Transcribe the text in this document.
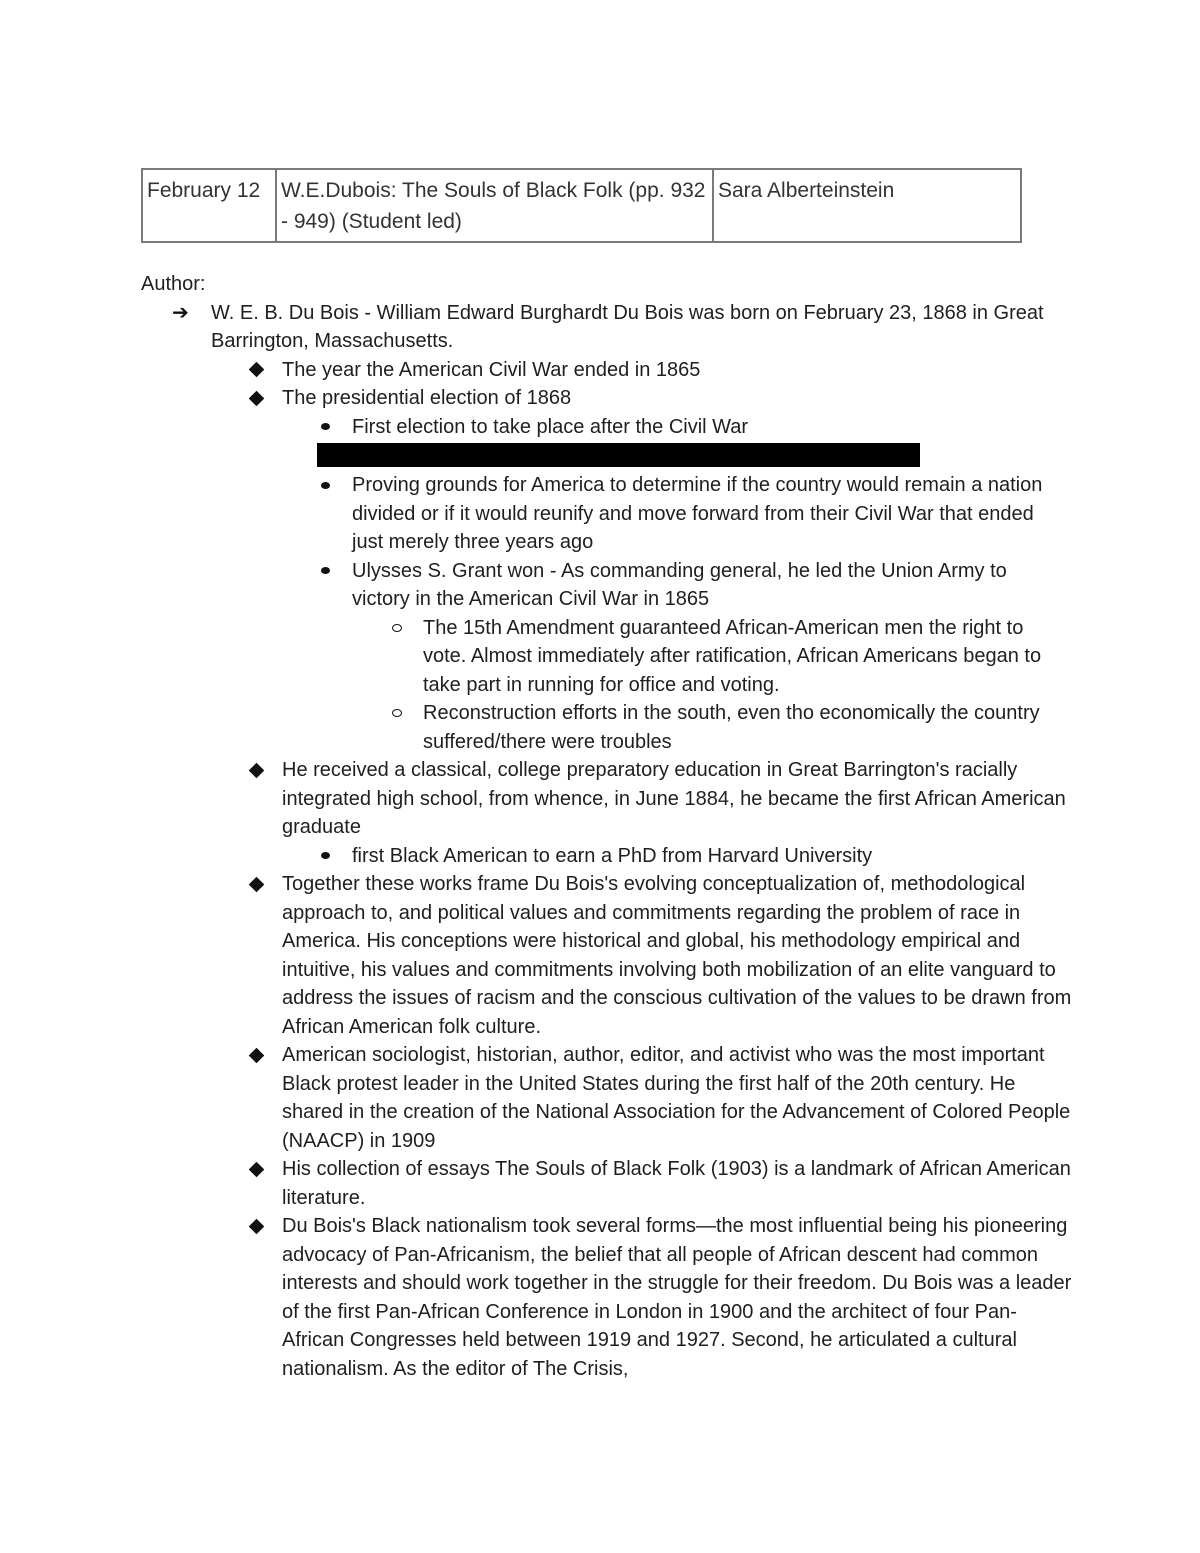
February 12	W.E.Dubois: The Souls of Black Folk (pp. 932 - 949) (Student led)	Sara Alberteinstein
Author:
➔ W. E. B. Du Bois - William Edward Burghardt Du Bois was born on February 23, 1868 in Great Barrington, Massachusetts.
The year the American Civil War ended in 1865
The presidential election of 1868
First election to take place after the Civil War
Proving grounds for America to determine if the country would remain a nation divided or if it would reunify and move forward from their Civil War that ended just merely three years ago
Ulysses S. Grant won - As commanding general, he led the Union Army to victory in the American Civil War in 1865
The 15th Amendment guaranteed African-American men the right to vote. Almost immediately after ratification, African Americans began to take part in running for office and voting.
Reconstruction efforts in the south, even tho economically the country suffered/there were troubles
He received a classical, college preparatory education in Great Barrington's racially integrated high school, from whence, in June 1884, he became the first African American graduate
first Black American to earn a PhD from Harvard University
Together these works frame Du Bois's evolving conceptualization of, methodological approach to, and political values and commitments regarding the problem of race in America. His conceptions were historical and global, his methodology empirical and intuitive, his values and commitments involving both mobilization of an elite vanguard to address the issues of racism and the conscious cultivation of the values to be drawn from African American folk culture.
American sociologist, historian, author, editor, and activist who was the most important Black protest leader in the United States during the first half of the 20th century. He shared in the creation of the National Association for the Advancement of Colored People (NAACP) in 1909
His collection of essays The Souls of Black Folk (1903) is a landmark of African American literature.
Du Bois's Black nationalism took several forms—the most influential being his pioneering advocacy of Pan-Africanism, the belief that all people of African descent had common interests and should work together in the struggle for their freedom. Du Bois was a leader of the first Pan-African Conference in London in 1900 and the architect of four Pan-African Congresses held between 1919 and 1927. Second, he articulated a cultural nationalism. As the editor of The Crisis,
